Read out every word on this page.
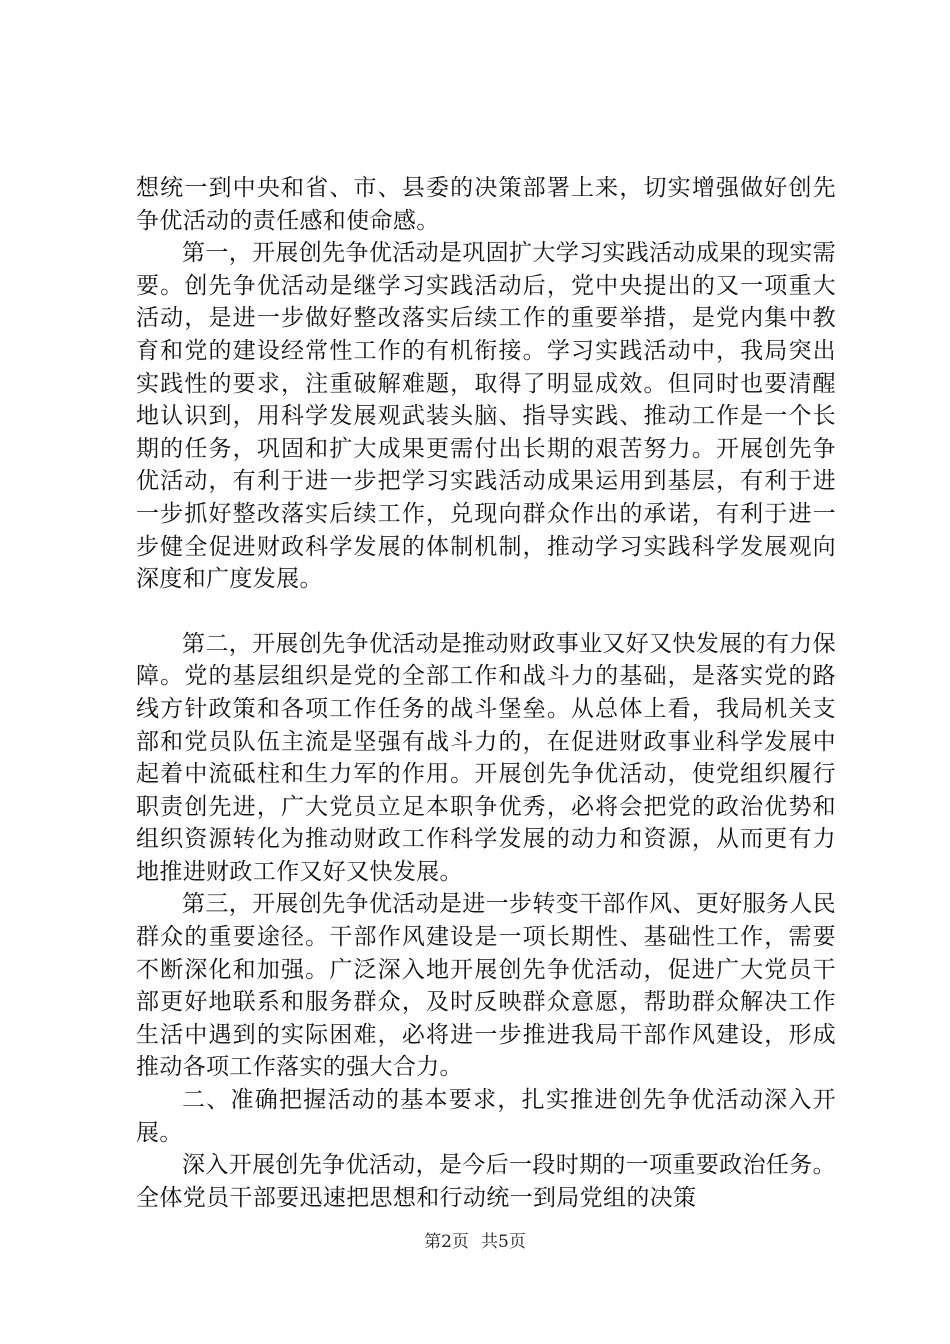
想统一到中央和省、市、县委的决策部署上来，切实增强做好创先争优活动的责任感和使命感。

第一，开展创先争优活动是巩固扩大学习实践活动成果的现实需要。创先争优活动是继学习实践活动后，党中央提出的又一项重大活动，是进一步做好整改落实后续工作的重要举措，是党内集中教育和党的建设经常性工作的有机衔接。学习实践活动中，我局突出实践性的要求，注重破解难题，取得了明显成效。但同时也要清醒地认识到，用科学发展观武装头脑、指导实践、推动工作是一个长期的任务，巩固和扩大成果更需付出长期的艰苦努力。开展创先争优活动，有利于进一步把学习实践活动成果运用到基层，有利于进一步抓好整改落实后续工作，兑现向群众作出的承诺，有利于进一步健全促进财政科学发展的体制机制，推动学习实践科学发展观向深度和广度发展。

第二，开展创先争优活动是推动财政事业又好又快发展的有力保障。党的基层组织是党的全部工作和战斗力的基础，是落实党的路线方针政策和各项工作任务的战斗堡垒。从总体上看，我局机关支部和党员队伍主流是坚强有战斗力的，在促进财政事业科学发展中起着中流砥柱和生力军的作用。开展创先争优活动，使党组织履行职责创先进，广大党员立足本职争优秀，必将会把党的政治优势和组织资源转化为推动财政工作科学发展的动力和资源，从而更有力地推进财政工作又好又快发展。

第三，开展创先争优活动是进一步转变干部作风、更好服务人民群众的重要途径。干部作风建设是一项长期性、基础性工作，需要不断深化和加强。广泛深入地开展创先争优活动，促进广大党员干部更好地联系和服务群众，及时反映群众意愿，帮助群众解决工作生活中遇到的实际困难，必将进一步推进我局干部作风建设，形成推动各项工作落实的强大合力。

二、准确把握活动的基本要求，扎实推进创先争优活动深入开展。

深入开展创先争优活动，是今后一段时期的一项重要政治任务。全体党员干部要迅速把思想和行动统一到局党组的决策

第2页 共5页
